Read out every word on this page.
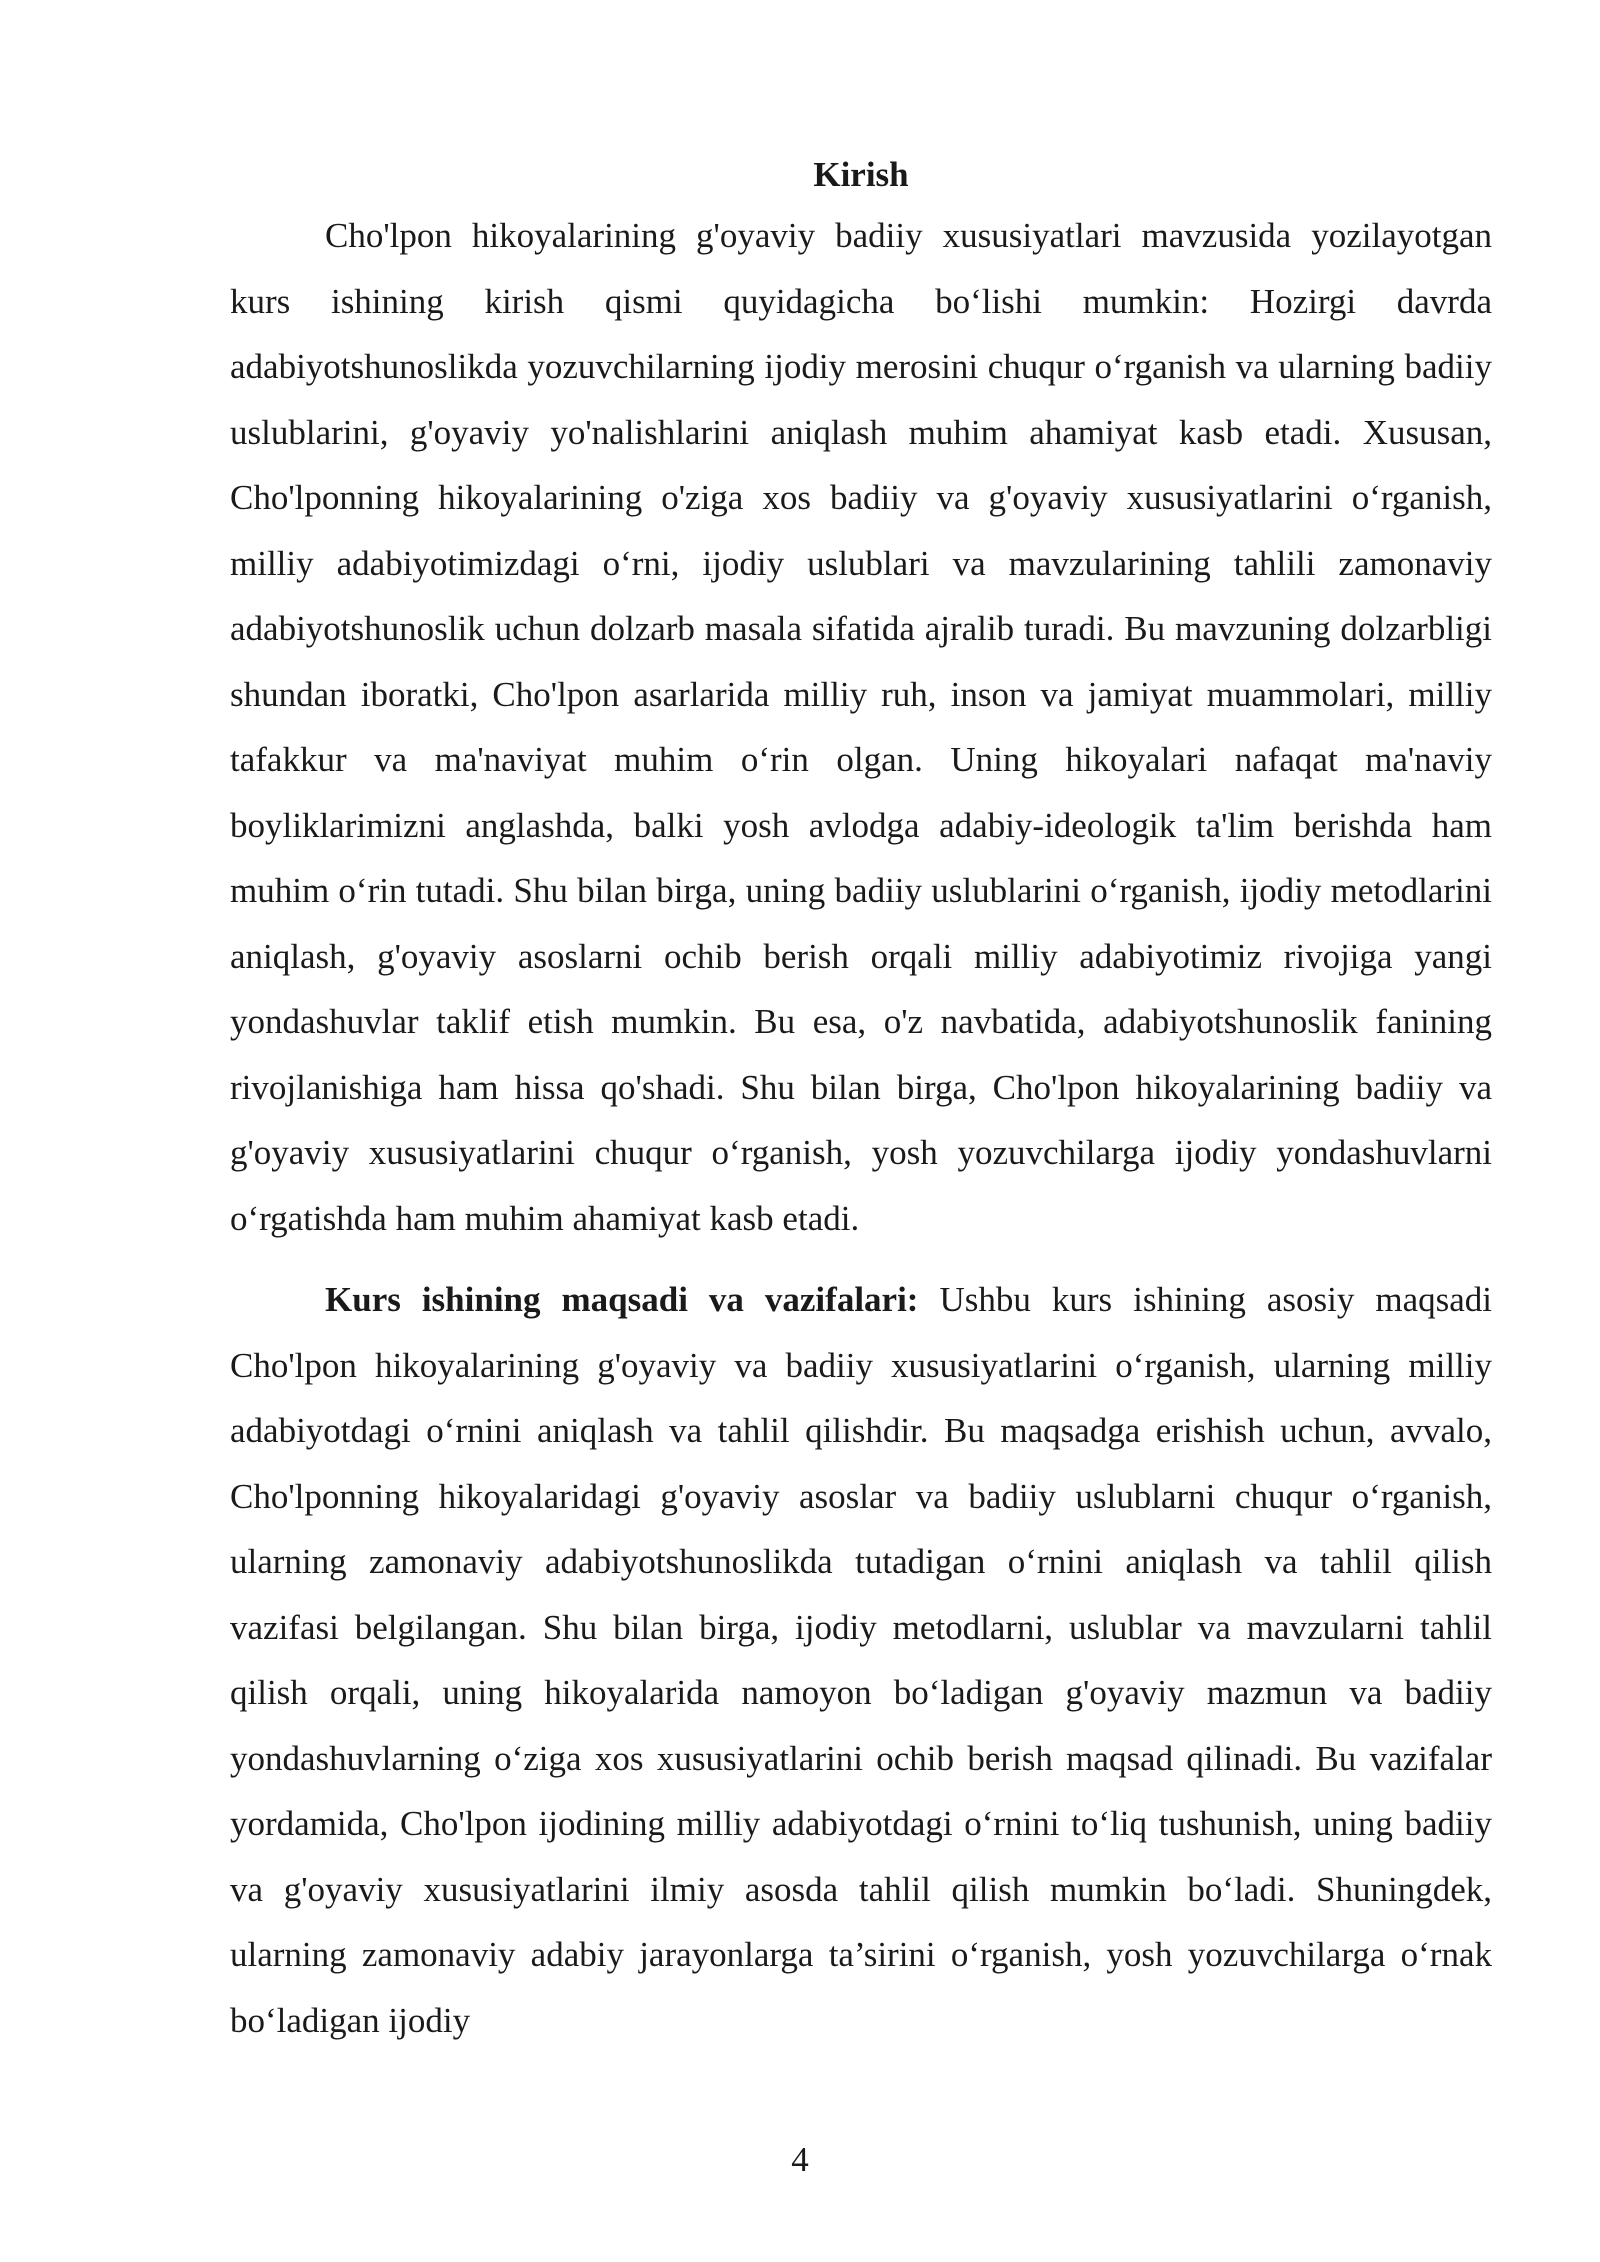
Kirish

Cho'lpon hikoyalarining g'oyaviy badiiy xususiyatlari mavzusida yozilayotgan kurs ishining kirish qismi quyidagicha bo‘lishi mumkin: Hozirgi davrda adabiyotshunoslikda yozuvchilarning ijodiy merosini chuqur o‘rganish va ularning badiiy uslublarini, g'oyaviy yo'nalishlarini aniqlash muhim ahamiyat kasb etadi. Xususan, Cho'lponning hikoyalarining o'ziga xos badiiy va g'oyaviy xususiyatlarini o‘rganish, milliy adabiyotimizdagi o‘rni, ijodiy uslublari va mavzularining tahlili zamonaviy adabiyotshunoslik uchun dolzarb masala sifatida ajralib turadi. Bu mavzuning dolzarbligi shundan iboratki, Cho'lpon asarlarida milliy ruh, inson va jamiyat muammolari, milliy tafakkur va ma'naviyat muhim o‘rin olgan. Uning hikoyalari nafaqat ma'naviy boyliklarimizni anglashda, balki yosh avlodga adabiy-ideologik ta'lim berishda ham muhim o‘rin tutadi. Shu bilan birga, uning badiiy uslublarini o‘rganish, ijodiy metodlarini aniqlash, g'oyaviy asoslarni ochib berish orqali milliy adabiyotimiz rivojiga yangi yondashuvlar taklif etish mumkin. Bu esa, o'z navbatida, adabiyotshunoslik fanining rivojlanishiga ham hissa qo'shadi. Shu bilan birga, Cho'lpon hikoyalarining badiiy va g'oyaviy xususiyatlarini chuqur o‘rganish, yosh yozuvchilarga ijodiy yondashuvlarni o‘rgatishda ham muhim ahamiyat kasb etadi.

Kurs ishining maqsadi va vazifalari: Ushbu kurs ishining asosiy maqsadi Cho'lpon hikoyalarining g'oyaviy va badiiy xususiyatlarini o‘rganish, ularning milliy adabiyotdagi o‘rnini aniqlash va tahlil qilishdir. Bu maqsadga erishish uchun, avvalo, Cho'lponning hikoyalaridagi g'oyaviy asoslar va badiiy uslublarni chuqur o‘rganish, ularning zamonaviy adabiyotshunoslikda tutadigan o‘rnini aniqlash va tahlil qilish vazifasi belgilangan. Shu bilan birga, ijodiy metodlarni, uslublar va mavzularni tahlil qilish orqali, uning hikoyalarida namoyon bo‘ladigan g'oyaviy mazmun va badiiy yondashuvlarning o‘ziga xos xususiyatlarini ochib berish maqsad qilinadi. Bu vazifalar yordamida, Cho'lpon ijodining milliy adabiyotdagi o‘rnini to‘liq tushunish, uning badiiy va g'oyaviy xususiyatlarini ilmiy asosda tahlil qilish mumkin bo‘ladi. Shuningdek, ularning zamonaviy adabiy jarayonlarga ta’sirini o‘rganish, yosh yozuvchilarga o‘rnak bo‘ladigan ijodiy

4
